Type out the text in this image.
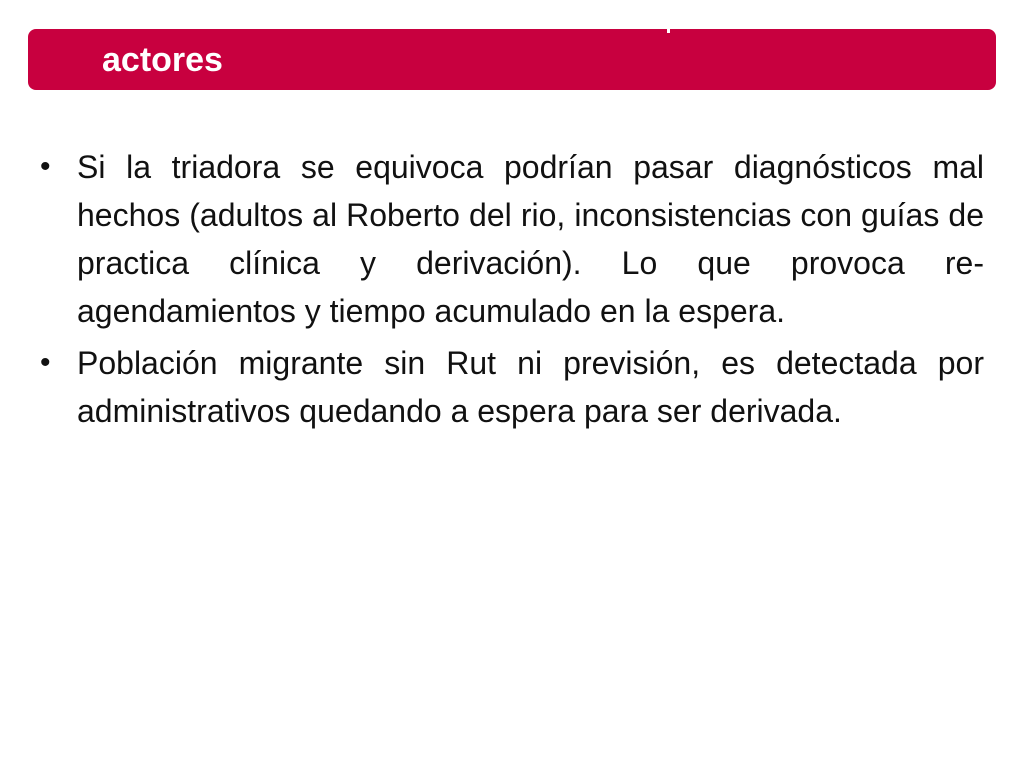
actores
• Si la triadora se equivoca podrían pasar diagnósticos mal hechos (adultos al Roberto del rio, inconsistencias con guías de practica clínica y derivación). Lo que provoca re-agendamientos y tiempo acumulado en la espera.
• Población migrante sin Rut ni previsión, es detectada por administrativos quedando a espera para ser derivada.
